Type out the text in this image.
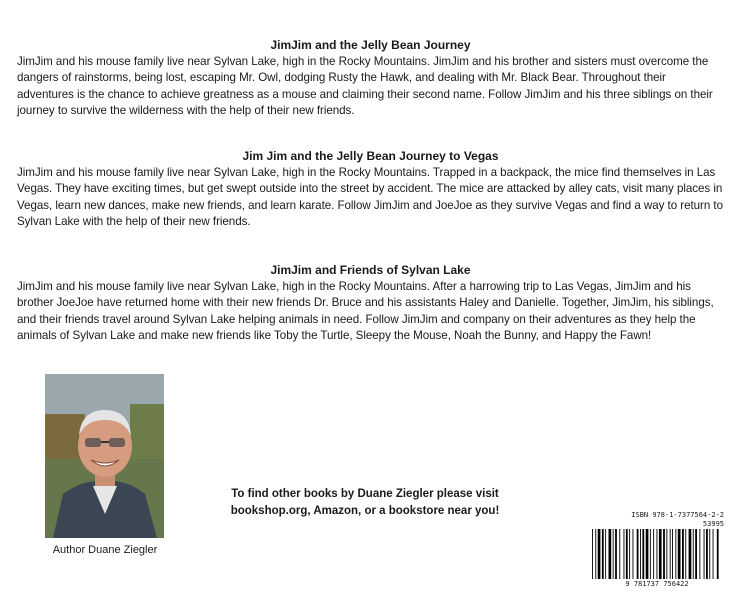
JimJim and the Jelly Bean Journey

JimJim and his mouse family live near Sylvan Lake, high in the Rocky Mountains. JimJim and his brother and sisters must overcome the dangers of rainstorms, being lost, escaping Mr. Owl, dodging Rusty the Hawk, and dealing with Mr. Black Bear. Throughout their adventures is the chance to achieve greatness as a mouse and claiming their second name. Follow JimJim and his three siblings on their journey to survive the wilderness with the help of their new friends.

Jim Jim and the Jelly Bean Journey to Vegas

JimJim and his mouse family live near Sylvan Lake, high in the Rocky Mountains. Trapped in a backpack, the mice find themselves in Las Vegas. They have exciting times, but get swept outside into the street by accident. The mice are attacked by alley cats, visit many places in Vegas, learn new dances, make new friends, and learn karate. Follow JimJim and JoeJoe as they survive Vegas and find a way to return to Sylvan Lake with the help of their new friends.

JimJim and Friends of Sylvan Lake

JimJim and his mouse family live near Sylvan Lake, high in the Rocky Mountains. After a harrowing trip to Las Vegas, JimJim and his brother JoeJoe have returned home with their new friends Dr. Bruce and his assistants Haley and Danielle. Together, JimJim, his siblings, and their friends travel around Sylvan Lake helping animals in need. Follow JimJim and company on their adventures as they help the animals of Sylvan Lake and make new friends like Toby the Turtle, Sleepy the Mouse, Noah the Bunny, and Happy the Fawn!

Author Duane Ziegler
To find other books by Duane Ziegler please visit
bookshop.org, Amazon, or a bookstore near you!	ISBN 978-1-7377564-2-2
53995
9 781737 756422
